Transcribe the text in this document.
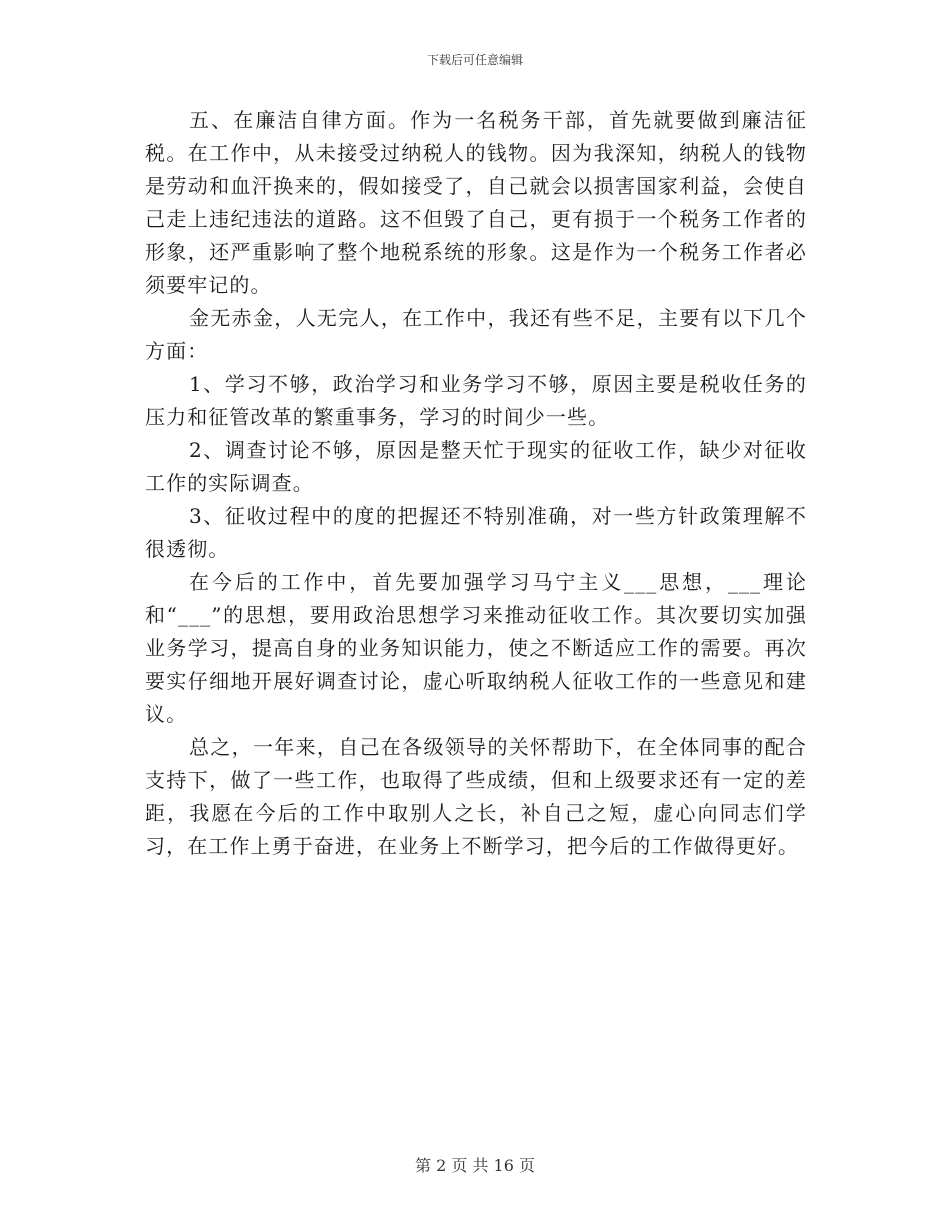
下载后可任意编辑

五、在廉洁自律方面。作为一名税务干部，首先就要做到廉洁征税。在工作中，从未接受过纳税人的钱物。因为我深知，纳税人的钱物是劳动和血汗换来的，假如接受了，自己就会以损害国家利益，会使自己走上违纪违法的道路。这不但毁了自己，更有损于一个税务工作者的形象，还严重影响了整个地税系统的形象。这是作为一个税务工作者必须要牢记的。

金无赤金，人无完人，在工作中，我还有些不足，主要有以下几个方面：

1、学习不够，政治学习和业务学习不够，原因主要是税收任务的压力和征管改革的繁重事务，学习的时间少一些。

2、调查讨论不够，原因是整天忙于现实的征收工作，缺少对征收工作的实际调查。

3、征收过程中的度的把握还不特别准确，对一些方针政策理解不很透彻。

在今后的工作中，首先要加强学习马宁主义___思想，___理论和“___”的思想，要用政治思想学习来推动征收工作。其次要切实加强业务学习，提高自身的业务知识能力，使之不断适应工作的需要。再次要实仔细地开展好调查讨论，虚心听取纳税人征收工作的一些意见和建议。

总之，一年来，自己在各级领导的关怀帮助下，在全体同事的配合支持下，做了一些工作，也取得了些成绩，但和上级要求还有一定的差距，我愿在今后的工作中取别人之长，补自己之短，虚心向同志们学习，在工作上勇于奋进，在业务上不断学习，把今后的工作做得更好。

第 2 页 共 16 页
